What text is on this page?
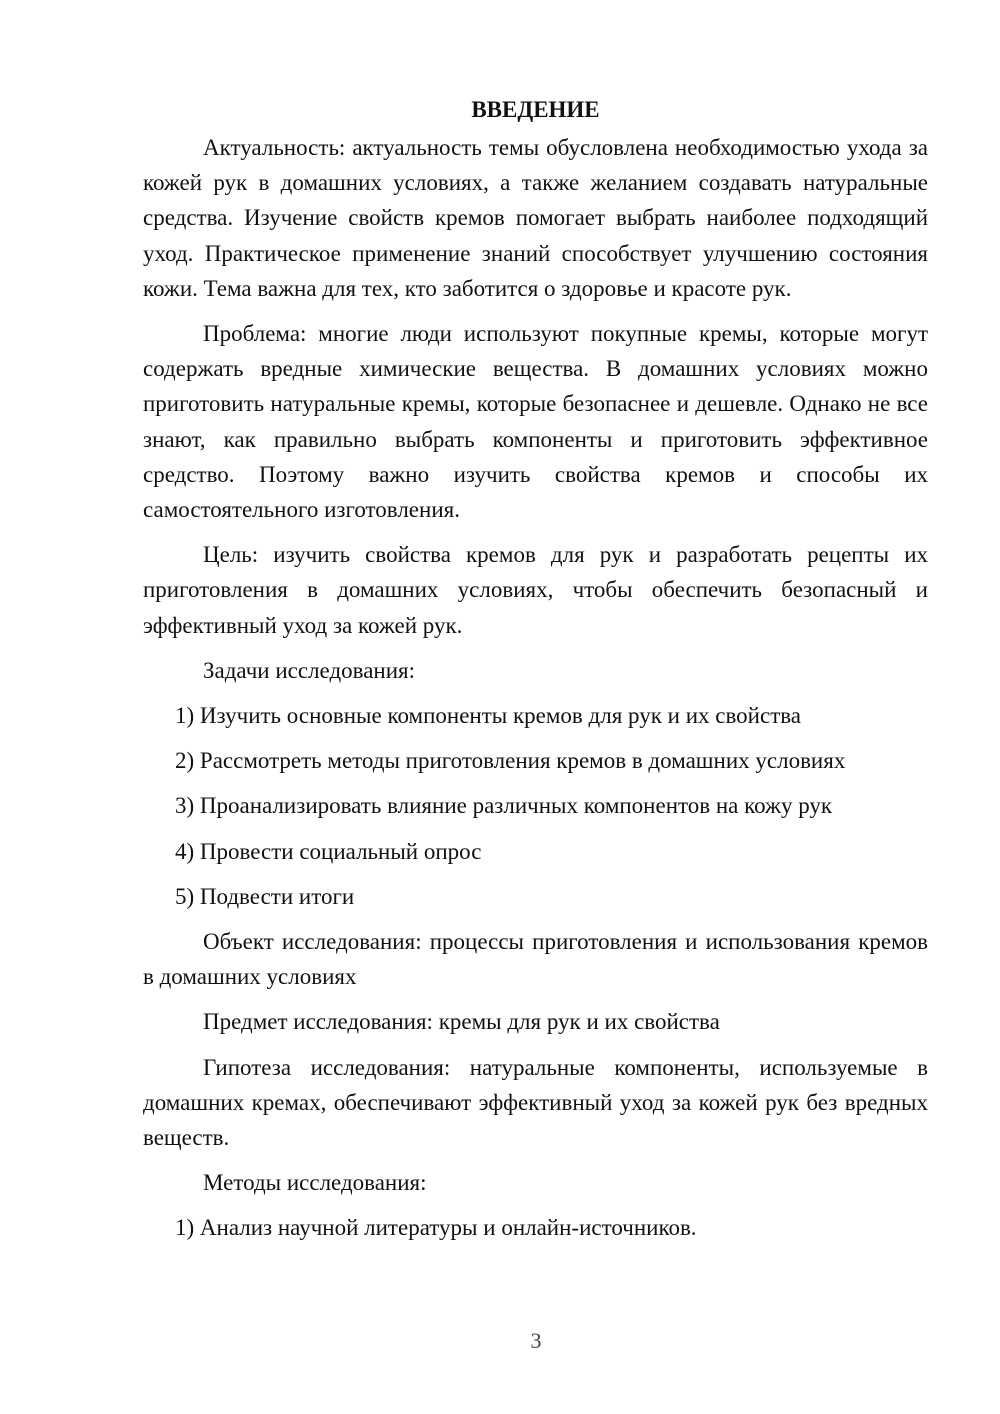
ВВЕДЕНИЕ

Актуальность: актуальность темы обусловлена необходимостью ухода за кожей рук в домашних условиях, а также желанием создавать натуральные средства. Изучение свойств кремов помогает выбрать наиболее подходящий уход. Практическое применение знаний способствует улучшению состояния кожи. Тема важна для тех, кто заботится о здоровье и красоте рук.

Проблема: многие люди используют покупные кремы, которые могут содержать вредные химические вещества. В домашних условиях можно приготовить натуральные кремы, которые безопаснее и дешевле. Однако не все знают, как правильно выбрать компоненты и приготовить эффективное средство. Поэтому важно изучить свойства кремов и способы их самостоятельного изготовления.

Цель: изучить свойства кремов для рук и разработать рецепты их приготовления в домашних условиях, чтобы обеспечить безопасный и эффективный уход за кожей рук.

Задачи исследования:

1) Изучить основные компоненты кремов для рук и их свойства

2) Рассмотреть методы приготовления кремов в домашних условиях

3) Проанализировать влияние различных компонентов на кожу рук

4) Провести социальный опрос

5) Подвести итоги

Объект исследования: процессы приготовления и использования кремов в домашних условиях

Предмет исследования: кремы для рук и их свойства

Гипотеза исследования: натуральные компоненты, используемые в домашних кремах, обеспечивают эффективный уход за кожей рук без вредных веществ.

Методы исследования:

1) Анализ научной литературы и онлайн-источников.

3
